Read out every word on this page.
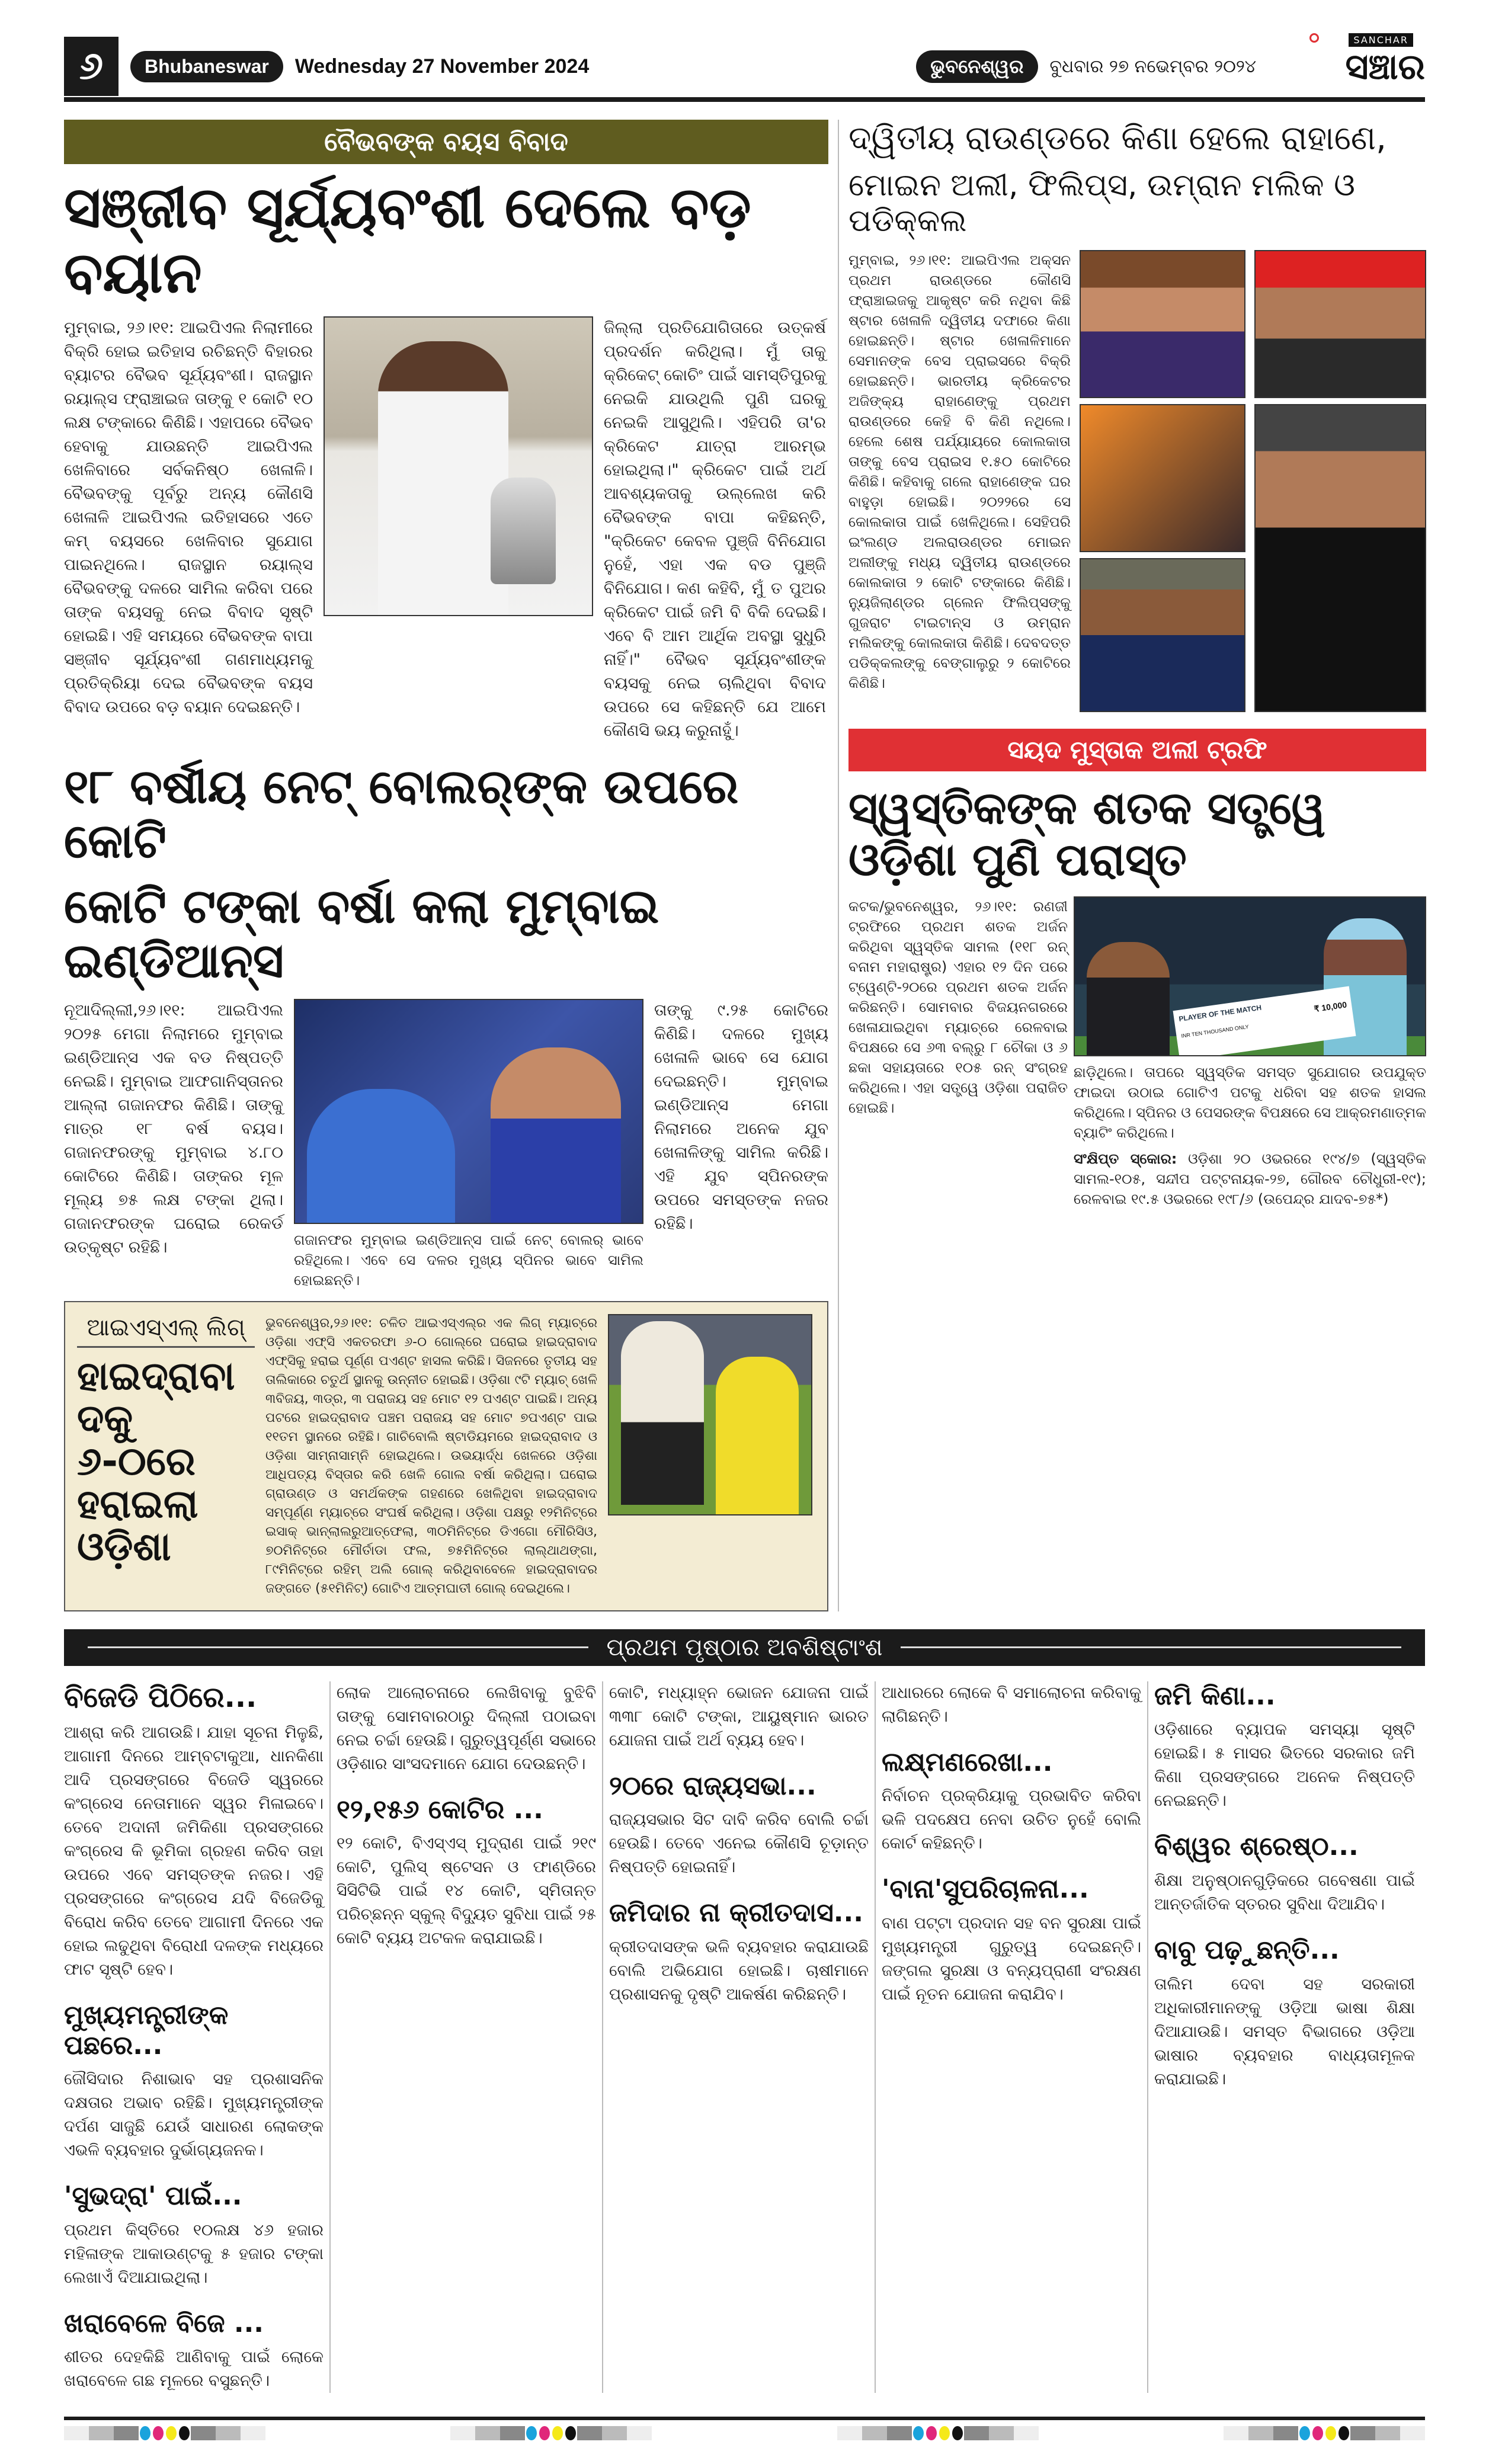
୬	Bhubaneswar	Wednesday 27 November 2024	ଭୁବନେଶ୍ୱର	ବୁଧବାର ୨୭ ନଭେମ୍ବର ୨୦୨୪
SANCHAR
ସଞ୍ଚାର
ବୈଭବଙ୍କ ବୟସ ବିବାଦ
ସଞ୍ଜୀବ ସୂର୍ଯ୍ୟବଂଶୀ ଦେଲେ ବଡ଼ ବୟାନ
ମୁମ୍ବାଇ, ୨୬।୧୧: ଆଇପିଏଲ ନିଲାମୀରେ ବିକ୍ରି ହୋଇ ଇତିହାସ ରଚିଛନ୍ତି ବିହାରର ବ୍ୟାଟର ବୈଭବ ସୂର୍ଯ୍ୟବଂଶୀ। ରାଜସ୍ଥାନ ରୟାଲ୍ସ ଫ୍ରାଞ୍ଚାଇଜ ତାଙ୍କୁ ୧ କୋଟି ୧୦ ଲକ୍ଷ ଟଙ୍କାରେ କିଣିଛି। ଏହାପରେ ବୈଭବ ହେବାକୁ ଯାଉଛନ୍ତି ଆଇପିଏଲ ଖେଳିବାରେ ସର୍ବକନିଷ୍ଠ ଖେଳାଳି। ବୈଭବଙ୍କୁ ପୂର୍ବରୁ ଅନ୍ୟ କୌଣସି ଖେଳାଳି ଆଇପିଏଲ ଇତିହାସରେ ଏତେ କମ୍ ବୟସରେ ଖେଳିବାର ସୁଯୋଗ ପାଇନଥିଲେ। ରାଜସ୍ଥାନ ରୟାଲ୍ସ ବୈଭବଙ୍କୁ ଦଳରେ ସାମିଲ କରିବା ପରେ ତାଙ୍କ ବୟସକୁ ନେଇ ବିବାଦ ସୃଷ୍ଟି ହୋଇଛି। ଏହି ସମୟରେ ବୈଭବଙ୍କ ବାପା ସଞ୍ଜୀବ ସୂର୍ଯ୍ୟବଂଶୀ ଗଣମାଧ୍ୟମକୁ ପ୍ରତିକ୍ରିୟା ଦେଇ ବୈଭବଙ୍କ ବୟସ ବିବାଦ ଉପରେ ବଡ଼ ବୟାନ ଦେଇଛନ୍ତି।
ଜିଲ୍ଲା ପ୍ରତିଯୋଗିତାରେ ଉତ୍କର୍ଷ ପ୍ରଦର୍ଶନ କରିଥିଲା। ମୁଁ ତାକୁ କ୍ରିକେଟ୍ କୋଚିଂ ପାଇଁ ସାମସ୍ତିପୁରକୁ ନେଇକି ଯାଉଥିଲି ପୁଣି ଘରକୁ ନେଇକି ଆସୁଥିଲି। ଏହିପରି ତା'ର କ୍ରିକେଟ ଯାତ୍ରା ଆରମ୍ଭ ହୋଇଥିଲା।" କ୍ରିକେଟ ପାଇଁ ଅର୍ଥ ଆବଶ୍ୟକତାକୁ ଉଲ୍ଲେଖ କରି ବୈଭବଙ୍କ ବାପା କହିଛନ୍ତି, "କ୍ରିକେଟ କେବଳ ପୁଞ୍ଜି ବିନିଯୋଗ ନୁହେଁ, ଏହା ଏକ ବଡ ପୁଞ୍ଜି ବିନିଯୋଗ। କଣ କହିବି, ମୁଁ ତ ପୁଅର କ୍ରିକେଟ ପାଇଁ ଜମି ବି ବିକି ଦେଇଛି। ଏବେ ବି ଆମ ଆର୍ଥିକ ଅବସ୍ଥା ସୁଧୁରି ନାହିଁ।" ବୈଭବ ସୂର୍ଯ୍ୟବଂଶୀଙ୍କ ବୟସକୁ ନେଇ ଚାଲିଥିବା ବିବାଦ ଉପରେ ସେ କହିଛନ୍ତି ଯେ ଆମେ କୌଣସି ଭୟ କରୁନାହୁଁ।
୧୮ ବର୍ଷୀୟ ନେଟ୍ ବୋଲର୍‌ଙ୍କ ଉପରେ କୋଟି
କୋଟି ଟଙ୍କା ବର୍ଷା କଲା ମୁମ୍ବାଇ ଇଣ୍ଡିଆନ୍ସ
ନୂଆଦିଲ୍ଲୀ,୨୬।୧୧: ଆଇପିଏଲ ୨୦୨୫ ମେଗା ନିଲାମରେ ମୁମ୍ବାଇ ଇଣ୍ଡିଆନ୍ସ ଏକ ବଡ ନିଷ୍ପତ୍ତି ନେଇଛି। ମୁମ୍ବାଇ ଆଫଗାନିସ୍ତାନର ଆଲ୍ଲା ଗଜାନଫର କିଣିଛି। ତାଙ୍କୁ ମାତ୍ର ୧୮ ବର୍ଷ ବୟସ। ଗଜାନଫରଙ୍କୁ ମୁମ୍ବାଇ ୪.୮୦ କୋଟିରେ କିଣିଛି। ତାଙ୍କର ମୂଳ ମୂଲ୍ୟ ୭୫ ଲକ୍ଷ ଟଙ୍କା ଥିଲା। ଗଜାନଫରଙ୍କ ଘରୋଇ ରେକର୍ଡ ଉତ୍କୃଷ୍ଟ ରହିଛି।	ଗଜାନଫର ମୁମ୍ବାଇ ଇଣ୍ଡିଆନ୍ସ ପାଇଁ ନେଟ୍ ବୋଲର୍ ଭାବେ ରହିଥିଲେ। ଏବେ ସେ ଦଳର ମୁଖ୍ୟ ସ୍ପିନର ଭାବେ ସାମିଲ ହୋଇଛନ୍ତି।
ତାଙ୍କୁ ୯.୨୫ କୋଟିରେ କିଣିଛି। ଦଳରେ ମୁଖ୍ୟ ଖେଳାଳି ଭାବେ ସେ ଯୋଗ ଦେଇଛନ୍ତି। ମୁମ୍ବାଇ ଇଣ୍ଡିଆନ୍ସ ମେଗା ନିଲାମରେ ଅନେକ ଯୁବ ଖେଳାଳିଙ୍କୁ ସାମିଲ କରିଛି। ଏହି ଯୁବ ସ୍ପିନରଙ୍କ ଉପରେ ସମସ୍ତଙ୍କ ନଜର ରହିଛି।
ଆଇଏସ୍ଏଲ୍ ଲିଗ୍
ହାଇଦ୍ରାବାଦକୁ ୬-୦ରେ ହରାଇଲା ଓଡ଼ିଶା
ଭୁବନେଶ୍ୱର,୨୬।୧୧: ଚଳିତ ଆଇଏସ୍ଏଲ୍‌ର ଏକ ଲିଗ୍ ମ୍ୟାଚ୍‌ରେ ଓଡ଼ିଶା ଏଫ୍‌ସି ଏକତରଫା ୬-୦ ଗୋଲ୍‌ରେ ଘରୋଇ ହାଇଦ୍ରାବାଦ ଏଫ୍‌ସିକୁ ହରାଇ ପୂର୍ଣ୍ଣ ପଏଣ୍ଟ ହାସଲ କରିଛି। ସିଜନରେ ତୃତୀୟ ସହ ତାଲିକାରେ ଚତୁର୍ଥ ସ୍ଥାନକୁ ଉନ୍ନୀତ ହୋଇଛି। ଓଡ଼ିଶା ୯ଟି ମ୍ୟାଚ୍ ଖେଳି ୩ବିଜୟ, ୩ଡ୍ର, ୩ ପରାଜୟ ସହ ମୋଟ ୧୨ ପଏଣ୍ଟ ପାଇଛି। ଅନ୍ୟ ପଟରେ ହାଇଦ୍ରାବାଦ ପଞ୍ଚମ ପରାଜୟ ସହ ମୋଟ ୭ପଏଣ୍ଟ ପାଇ ୧୧ତମ ସ୍ଥାନରେ ରହିଛି। ଗାଚିବୋଲି ଷ୍ଟାଡିୟମରେ ହାଇଦ୍ରାବାଦ ଓ ଓଡ଼ିଶା ସାମ୍ନାସାମ୍ନି ହୋଇଥିଲେ। ଉଭୟାର୍ଦ୍ଧ ଖେଳରେ ଓଡ଼ିଶା ଆଧିପତ୍ୟ ବିସ୍ତାର କରି ଖେଳି ଗୋଲ ବର୍ଷା କରିଥିଲା। ଘରୋଇ ଗ୍ରାଉଣ୍ଡ ଓ ସମର୍ଥକଙ୍କ ଗହଣରେ ଖେଳିଥିବା ହାଇଦ୍ରାବାଦ ସମ୍ପୂର୍ଣ୍ଣ ମ୍ୟାଚ୍‌ରେ ସଂଘର୍ଷ କରିଥିଲା। ଓଡ଼ିଶା ପକ୍ଷରୁ ୧୨ମିନିଟ୍‌ରେ ଇସାକ୍ ଭାନ୍‌ଲାଲରୁଆତ୍‌ଫେଲା, ୩୦ମିନିଟ୍‌ରେ ଡିଏଗୋ ମୌରିସିଓ, ୭୦ମିନିଟ୍‌ରେ ମୌର୍ତାଡା ଫଲ, ୭୫ମିନିଟ୍‌ରେ ଲାଲ୍‌ଥାଥଙ୍ଗା, ୮୯ମିନିଟ୍‌ରେ ରହିମ୍ ଅଲି ଗୋଲ୍ କରିଥିବାବେଳେ ହାଇଦ୍ରାବାଦର ଜଙ୍ଗତେ (୫୧ମିନିଟ୍) ଗୋଟିଏ ଆତ୍ମଘାତୀ ଗୋଲ୍ ଦେଇଥିଲେ।
ଦ୍ୱିତୀୟ ରାଉଣ୍ଡରେ କିଣା ହେଲେ ରାହାଣେ,
ମୋଇନ ଅଲୀ, ଫିଲିପ୍ସ, ଉମ୍ରାନ ମଲିକ ଓ ପଡିକ୍କଲ
ମୁମ୍ବାଇ, ୨୬।୧୧: ଆଇପିଏଲ ଅକ୍ସନ ପ୍ରଥମ ରାଉଣ୍ଡରେ କୌଣସି ଫ୍ରାଞ୍ଚାଇଜକୁ ଆକୃଷ୍ଟ କରି ନଥିବା କିଛି ଷ୍ଟାର ଖେଳାଳି ଦ୍ୱିତୀୟ ଦଫାରେ କିଣା ହୋଇଛନ୍ତି। ଷ୍ଟାର ଖେଳାଳିମାନେ ସେମାନଙ୍କ ବେସ ପ୍ରାଇସରେ ବିକ୍ରି ହୋଇଛନ୍ତି। ଭାରତୀୟ କ୍ରିକେଟର ଅଜିଙ୍କ୍ୟ ରାହାଣେଙ୍କୁ ପ୍ରଥମ ରାଉଣ୍ଡରେ କେହି ବି କିଣି ନଥିଲେ। ହେଲେ ଶେଷ ପର୍ଯ୍ୟାୟରେ କୋଲକାତା ତାଙ୍କୁ ବେସ ପ୍ରାଇସ ୧.୫୦ କୋଟିରେ କିଣିଛି। କହିବାକୁ ଗଲେ ରାହାଣେଙ୍କ ଘର ବାହୁଡ଼ା ହୋଇଛି। ୨୦୨୨ରେ ସେ କୋଲକାତା ପାଇଁ ଖେଳିଥିଲେ। ସେହିପରି ଇଂଲଣ୍ଡ ଅଲରାଉଣ୍ଡର ମୋଇନ ଅଲୀଙ୍କୁ ମଧ୍ୟ ଦ୍ୱିତୀୟ ରାଉଣ୍ଡରେ କୋଲକାତା ୨ କୋଟି ଟଙ୍କାରେ କିଣିଛି। ନ୍ୟୁଜିଲାଣ୍ଡର ଗ୍ଲେନ ଫିଲିପ୍ସଙ୍କୁ ଗୁଜରାଟ ଟାଇଟାନ୍ସ ଓ ଉମ୍ରାନ ମଲିକଙ୍କୁ କୋଲକାତା କିଣିଛି। ଦେବଦତ୍ତ ପଡିକ୍କଲଙ୍କୁ ବେଙ୍ଗାଲୁରୁ ୨ କୋଟିରେ କିଣିଛି।
ସୟଦ ମୁସ୍ତାକ ଅଲୀ ଟ୍ରଫି
ସ୍ୱସ୍ତିକଙ୍କ ଶତକ ସତ୍ତ୍ୱେ ଓଡ଼ିଶା ପୁଣି ପରାସ୍ତ
କଟକ/ଭୁବନେଶ୍ୱର, ୨୬।୧୧: ରଣଜୀ ଟ୍ରଫିରେ ପ୍ରଥମ ଶତକ ଅର୍ଜନ କରିଥିବା ସ୍ୱସ୍ତିକ ସାମଲ (୧୧୮ ରନ୍ ବନାମ ମହାରାଷ୍ଟ୍ର) ଏହାର ୧୨ ଦିନ ପରେ ଟ୍ୱେଣ୍ଟି-୨୦ରେ ପ୍ରଥମ ଶତକ ଅର୍ଜନ କରିଛନ୍ତି। ସୋମବାର ବିଜୟନଗରରେ ଖେଳାଯାଇଥିବା ମ୍ୟାଚ୍‌ରେ ରେଳବାଇ ବିପକ୍ଷରେ ସେ ୬୩ ବଲ୍‌ରୁ ୮ ଚୌକା ଓ ୬ ଛକା ସହାୟତାରେ ୧୦୫ ରନ୍ ସଂଗ୍ରହ କରିଥିଲେ। ଏହା ସତ୍ତ୍ୱେ ଓଡ଼ିଶା ପରାଜିତ ହୋଇଛି।
PLAYER OF THE MATCH	₹ 10,000
INR TEN THOUSAND ONLY
ଛାଡ଼ିଥିଲେ। ତାପରେ ସ୍ୱସ୍ତିକ ସମସ୍ତ ସୁଯୋଗର ଉପଯୁକ୍ତ ଫାଇଦା ଉଠାଇ ଗୋଟିଏ ପଟକୁ ଧରିବା ସହ ଶତକ ହାସଲ କରିଥିଲେ। ସ୍ପିନର ଓ ପେସରଙ୍କ ବିପକ୍ଷରେ ସେ ଆକ୍ରମଣାତ୍ମକ ବ୍ୟାଟିଂ କରିଥିଲେ।
ସଂକ୍ଷିପ୍ତ ସ୍କୋର: ଓଡ଼ିଶା ୨୦ ଓଭରରେ ୧୯୪/୭ (ସ୍ୱସ୍ତିକ ସାମଲ-୧୦୫, ସନ୍ଦୀପ ପଟ୍ଟନାୟକ-୨୭, ଗୌରବ ଚୌଧୁରୀ-୧୯); ରେଳବାଇ ୧୯.୫ ଓଭରରେ ୧୯୮/୬ (ଉପେନ୍ଦ୍ର ଯାଦବ-୭୫*)
ପ୍ରଥମ ପୃଷ୍ଠାର ଅବଶିଷ୍ଟାଂଶ
ବିଜେଡି ପିଠିରେ...
ଆଶ୍ରା କରି ଆଗଉଛି। ଯାହା ସୂଚନା ମିଳୁଛି, ଆଗାମୀ ଦିନରେ ଆମ୍ବଟାକୁଆ, ଧାନକିଣା ଆଦି ପ୍ରସଙ୍ଗରେ ବିଜେଡି ସ୍ୱରରେ କଂଗ୍ରେସ ନେତାମାନେ ସ୍ୱର ମିଳାଇବେ। ତେବେ ଅଦାନୀ ଜମିକିଣା ପ୍ରସଙ୍ଗରେ କଂଗ୍ରେସ କି ଭୂମିକା ଗ୍ରହଣ କରିବ ତାହା ଉପରେ ଏବେ ସମସ୍ତଙ୍କ ନଜର। ଏହି ପ୍ରସଙ୍ଗରେ କଂଗ୍ରେସ ଯଦି ବିଜେଡିକୁ ବିରୋଧ କରିବ ତେବେ ଆଗାମୀ ଦିନରେ ଏକ ହୋଇ ଲଢୁଥିବା ବିରୋଧୀ ଦଳଙ୍କ ମଧ୍ୟରେ ଫାଟ ସୃଷ୍ଟି ହେବ।
ମୁଖ୍ୟମନ୍ତ୍ରୀଙ୍କ ପଛରେ...
ଜୌସିଦାର ନିଶାଭାବ ସହ ପ୍ରଶାସନିକ ଦକ୍ଷତାର ଅଭାବ ରହିଛି। ମୁଖ୍ୟମନ୍ତ୍ରୀଙ୍କ ଦର୍ପଣ ସାଜୁଛି ଯେଉଁ ସାଧାରଣ ଲୋକଙ୍କ ଏଭଳି ବ୍ୟବହାର ଦୁର୍ଭାଗ୍ୟଜନକ।
'ସୁଭଦ୍ରା' ପାଇଁ...
ପ୍ରଥମ କିସ୍ତିରେ ୧୦ଲକ୍ଷ ୪୬ ହଜାର ମହିଳାଙ୍କ ଆକାଉଣ୍ଟକୁ ୫ ହଜାର ଟଙ୍କା ଲେଖାଏଁ ଦିଆଯାଇଥିଲା।
ଖରାବେଳେ ବିଜେ ...
ଶୀତର ଦେହକିଛି ଆଣିବାକୁ ପାଇଁ ଲୋକେ ଖରାବେଳେ ଗଛ ମୂଳରେ ବସୁଛନ୍ତି।
ଲୋକ ଆଲୋଚନାରେ ଲେଖିବାକୁ ବୁଝିବି ତାଙ୍କୁ ସୋମବାରଠାରୁ ଦିଲ୍ଲୀ ପଠାଇବା ନେଇ ଚର୍ଚ୍ଚା ହେଉଛି। ଗୁରୁତ୍ୱପୂର୍ଣ୍ଣ ସଭାରେ ଓଡ଼ିଶାର ସାଂସଦମାନେ ଯୋଗ ଦେଉଛନ୍ତି।
୧୨,୧୫୬ କୋଟିର ...
୧୨ କୋଟି, ବିଏସ୍ଏସ୍ ମୁଦ୍ରାଣ ପାଇଁ ୨୧୯ କୋଟି, ପୁଲିସ୍ ଷ୍ଟେସନ ଓ ଫାଣ୍ଡିରେ ସିସିଟିଭି ପାଇଁ ୧୪ କୋଟି, ସ୍ମିତାନ୍ତ ପରିଚ୍ଛନ୍ନ ସ୍କୁଲ୍ ବିଦ୍ୟୁତ ସୁବିଧା ପାଇଁ ୨୫ କୋଟି ବ୍ୟୟ ଅଟକଳ କରାଯାଇଛି।
କୋଟି, ମଧ୍ୟାହ୍ନ ଭୋଜନ ଯୋଜନା ପାଇଁ ୩୩୮ କୋଟି ଟଙ୍କା, ଆୟୁଷ୍ମାନ ଭାରତ ଯୋଜନା ପାଇଁ ଅର୍ଥ ବ୍ୟୟ ହେବ।
୨୦ରେ ରାଜ୍ୟସଭା...
ରାଜ୍ୟସଭାର ସିଟ ଦାବି କରିବ ବୋଲି ଚର୍ଚ୍ଚା ହେଉଛି। ତେବେ ଏନେଇ କୌଣସି ଚୂଡ଼ାନ୍ତ ନିଷ୍ପତ୍ତି ହୋଇନାହିଁ।
ଜମିଦାର ନା କ୍ରୀତଦାସ...
କ୍ରୀତଦାସଙ୍କ ଭଳି ବ୍ୟବହାର କରାଯାଉଛି ବୋଲି ଅଭିଯୋଗ ହୋଇଛି। ଚାଷୀମାନେ ପ୍ରଶାସନକୁ ଦୃଷ୍ଟି ଆକର୍ଷଣ କରିଛନ୍ତି।
ଆଧାରରେ ଲୋକେ ବି ସମାଲୋଚନା କରିବାକୁ ଲାଗିଛନ୍ତି।
ଲକ୍ଷ୍ମଣରେଖା...
ନିର୍ବାଚନ ପ୍ରକ୍ରିୟାକୁ ପ୍ରଭାବିତ କରିବା ଭଳି ପଦକ୍ଷେପ ନେବା ଉଚିତ ନୁହେଁ ବୋଲି କୋର୍ଟ କହିଛନ୍ତି।
'ବାନା'ସୁପରିଚାଳନା...
ବାଣ ପଟ୍ଟା ପ୍ରଦାନ ସହ ବନ ସୁରକ୍ଷା ପାଇଁ ମୁଖ୍ୟମନ୍ତ୍ରୀ ଗୁରୁତ୍ୱ ଦେଇଛନ୍ତି। ଜଙ୍ଗଲ ସୁରକ୍ଷା ଓ ବନ୍ୟପ୍ରାଣୀ ସଂରକ୍ଷଣ ପାଇଁ ନୂତନ ଯୋଜନା କରାଯିବ।
ଜମି କିଣା...
ଓଡ଼ିଶାରେ ବ୍ୟାପକ ସମସ୍ୟା ସୃଷ୍ଟି ହୋଇଛି। ୫ ମାସର ଭିତରେ ସରକାର ଜମି କିଣା ପ୍ରସଙ୍ଗରେ ଅନେକ ନିଷ୍ପତ୍ତି ନେଇଛନ୍ତି।
ବିଶ୍ୱର ଶ୍ରେଷ୍ଠ...
ଶିକ୍ଷା ଅନୁଷ୍ଠାନଗୁଡ଼ିକରେ ଗବେଷଣା ପାଇଁ ଆନ୍ତର୍ଜାତିକ ସ୍ତରର ସୁବିଧା ଦିଆଯିବ।
ବାବୁ ପଢ଼ୁଛନ୍ତି...
ତାଲିମ ଦେବା ସହ ସରକାରୀ ଅଧିକାରୀମାନଙ୍କୁ ଓଡ଼ିଆ ଭାଷା ଶିକ୍ଷା ଦିଆଯାଉଛି। ସମସ୍ତ ବିଭାଗରେ ଓଡ଼ିଆ ଭାଷାର ବ୍ୟବହାର ବାଧ୍ୟତାମୂଳକ କରାଯାଇଛି।
